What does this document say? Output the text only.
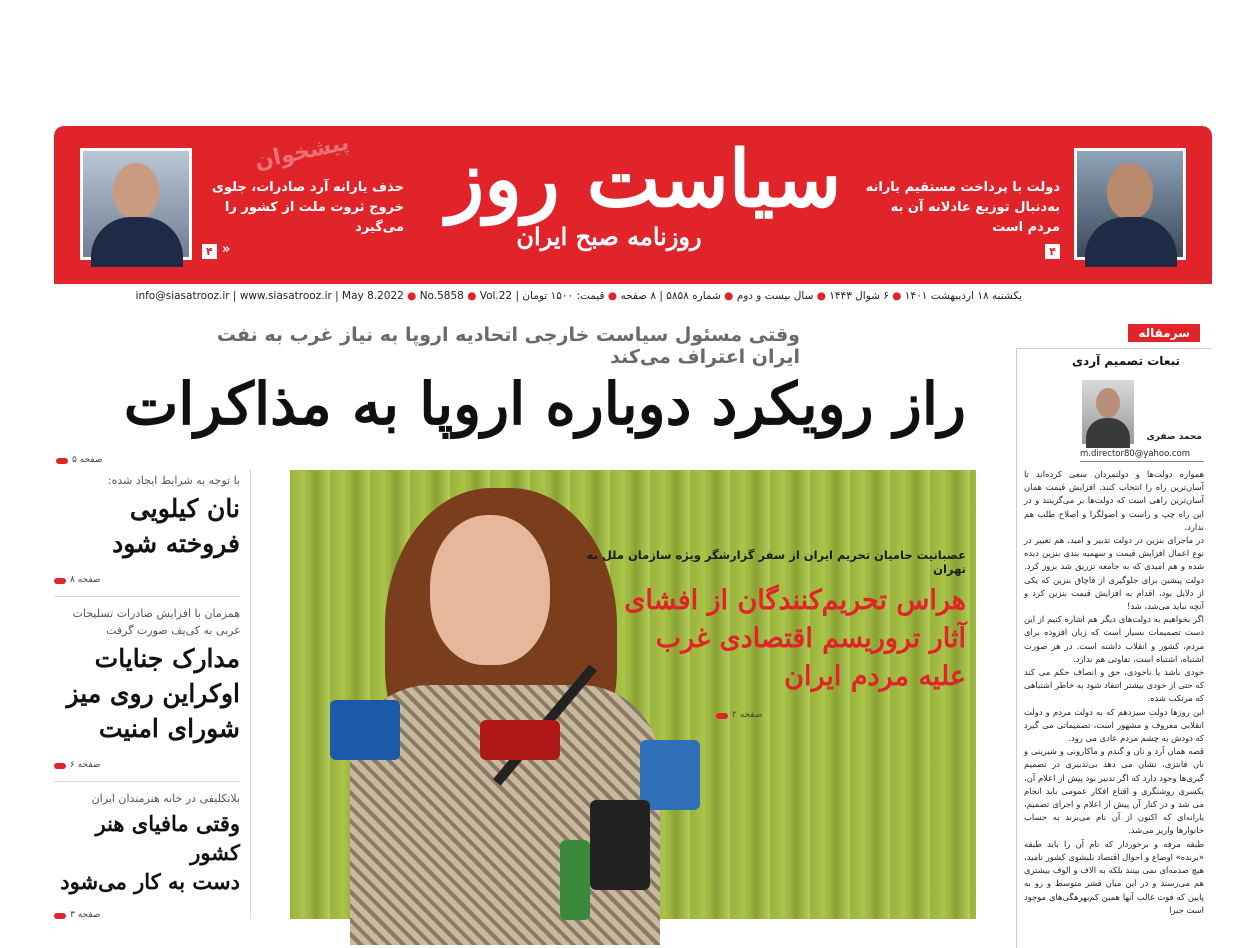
پیشخوان
حذف یارانه آرد صادرات، جلوی خروج ثروت ملت از کشور را می‌گیرد
۴ «
سیاست روز
روزنامه صبح ایران
دولت با پرداخت مستقیم یارانه به‌دنبال توزیع عادلانه آن به مردم است
۴
یکشنبه ۱۸ اردیبهشت ۱۴۰۱ ● ۶ شوال ۱۴۴۳ ● سال بیست و دوم ● شماره ۵۸۵۸ | ۸ صفحه ● قیمت: ۱۵۰۰ تومان | info@siasatrooz.ir | www.siasatrooz.ir | May 8.2022 ● No.5858 ● Vol.22
وقتی مسئول سیاست خارجی اتحادیه اروپا به نیاز غرب به نفت ایران اعتراف می‌کند
راز رویکرد دوباره اروپا به مذاکرات
صفحه ۵
با توجه به شرایط ایجاد شده:
نان کیلویی
فروخته شود
صفحه ۸
همزمان با افزایش صادرات تسلیحات غربی به کی‌یف صورت گرفت
مدارک جنایات
اوکراین روی میز
شورای امنیت
صفحه ۶
بلاتکلیفی در خانه هنرمندان ایران
وقتی مافیای هنر کشور
دست به کار می‌شود
صفحه ۳
عصبانیت حامیان تحریم ایران از سفر گزارشگر ویژه سازمان ملل به تهران
هراس تحریم‌کنندگان از افشای
آثار تروریسم اقتصادی غرب
علیه مردم ایران
صفحه ۲
سرمقاله
تبعات تصمیم آردی
محمد صفری
m.director80@yahoo.com

همواره دولت‌ها و دولتمردان سعی کرده‌اند تا آسان‌ترین راه را انتخاب کنند. افزایش قیمت همان آسان‌ترین راهی است که دولت‌ها بر می‌گزینند و در این راه چپ و راست و اصولگرا و اصلاح طلب هم ندارد.

در ماجرای بنزین در دولت تدبیر و امید، هم تغییر در نوع اعمال افزایش قیمت و سهمیه بندی بنزین دیده شده و هم امیدی که به جامعه تزریق شد بروز کرد. دولت پیشین برای جلوگیری از قاچاق بنزین که یکی از دلایل بود، اقدام به افزایش قیمت بنزین کرد و آنچه نباید می‌شد، شد!

اگر بخواهیم به دولت‌های دیگر هم اشاره کنیم از این دست تصمیمات بسیار است که زبان افزوده برای مردم، کشور و انقلاب داشته است. در هر صورت اشتباه، اشتباه است، تفاوتی هم ندارد.

خودی باشد یا ناخودی، حق و انصاف حکم می کند که حتی از خودی بیشتر انتقاد شود به خاطر اشتباهی که مرتکب شده.

این روزها دولت سیزدهم که به دولت مردم و دولت انقلابی معروف و مشهور است، تصمیماتی می گیرد که دودش به چشم مردم عادی می رود.

قصه همان آرد و نان و گندم و ماکارونی و شیرینی و نان فانتزی، نشان می دهد بی‌تدبیری در تصمیم گیری‌ها وجود دارد که اگر تدبیر بود پیش از اعلام آن، یکسری روشنگری و اقناع افکار عمومی باید انجام می شد و در کنار آن پیش از اعلام و اجرای تصمیم، یارانه‌ای که اکنون از آن نام می‌برند به حساب خانوارها واریز می‌شد.

طبقه مرفه و برخوردار که نام آن را باید طبقه «برنده» اوضاع و احوال اقتصاد بلبشوی کشور نامید، هیچ صدمه‌ای نمی بینند بلکه به الاف و الوف بیشتری هم می‌رسند و در این میان قشر متوسط و رو به پایین که فوت غالب آنها همین کم‌بهرهگی‌های موجود است جبرا
